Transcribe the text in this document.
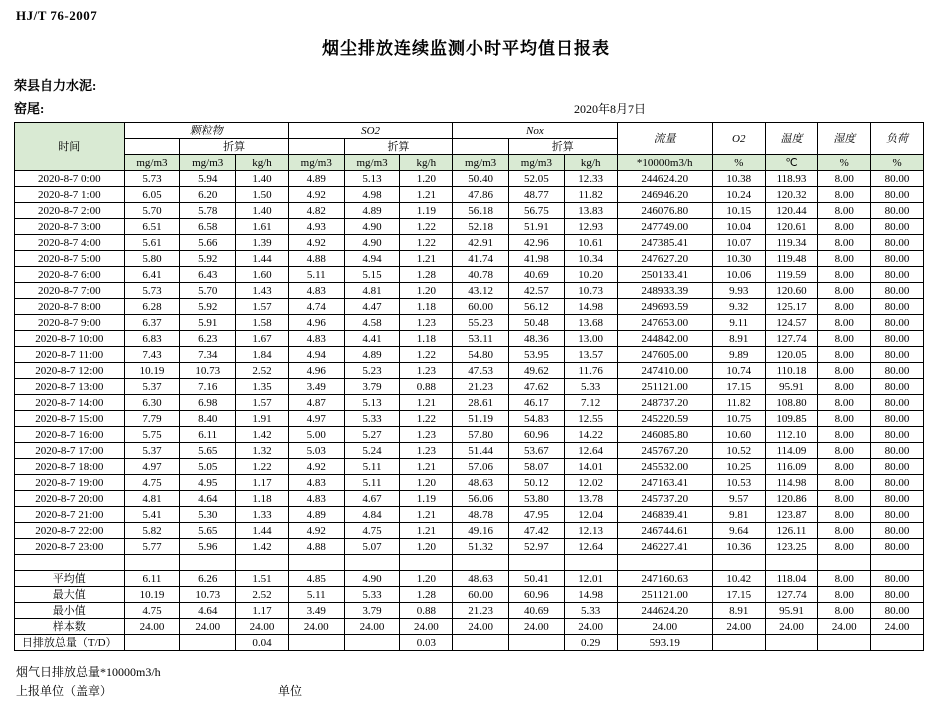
HJ/T 76-2007
烟尘排放连续监测小时平均值日报表
荣县自力水泥:
窑尾:	2020年8月7日
时间	颗粒物			SO2			Nox			流量	O2	温度	湿度	负荷
		折算			折算			折算						
	mg/m3	mg/m3	kg/h	mg/m3	mg/m3	kg/h	mg/m3	mg/m3	kg/h	*10000m3/h	%	℃	%	%
2020-8-7 0:00	5.73	5.94	1.40	4.89	5.13	1.20	50.40	52.05	12.33	244624.20	10.38	118.93	8.00	80.00
2020-8-7 1:00	6.05	6.20	1.50	4.92	4.98	1.21	47.86	48.77	11.82	246946.20	10.24	120.32	8.00	80.00
2020-8-7 2:00	5.70	5.78	1.40	4.82	4.89	1.19	56.18	56.75	13.83	246076.80	10.15	120.44	8.00	80.00
2020-8-7 3:00	6.51	6.58	1.61	4.93	4.90	1.22	52.18	51.91	12.93	247749.00	10.04	120.61	8.00	80.00
2020-8-7 4:00	5.61	5.66	1.39	4.92	4.90	1.22	42.91	42.96	10.61	247385.41	10.07	119.34	8.00	80.00
2020-8-7 5:00	5.80	5.92	1.44	4.88	4.94	1.21	41.74	41.98	10.34	247627.20	10.30	119.48	8.00	80.00
2020-8-7 6:00	6.41	6.43	1.60	5.11	5.15	1.28	40.78	40.69	10.20	250133.41	10.06	119.59	8.00	80.00
2020-8-7 7:00	5.73	5.70	1.43	4.83	4.81	1.20	43.12	42.57	10.73	248933.39	9.93	120.60	8.00	80.00
2020-8-7 8:00	6.28	5.92	1.57	4.74	4.47	1.18	60.00	56.12	14.98	249693.59	9.32	125.17	8.00	80.00
2020-8-7 9:00	6.37	5.91	1.58	4.96	4.58	1.23	55.23	50.48	13.68	247653.00	9.11	124.57	8.00	80.00
2020-8-7 10:00	6.83	6.23	1.67	4.83	4.41	1.18	53.11	48.36	13.00	244842.00	8.91	127.74	8.00	80.00
2020-8-7 11:00	7.43	7.34	1.84	4.94	4.89	1.22	54.80	53.95	13.57	247605.00	9.89	120.05	8.00	80.00
2020-8-7 12:00	10.19	10.73	2.52	4.96	5.23	1.23	47.53	49.62	11.76	247410.00	10.74	110.18	8.00	80.00
2020-8-7 13:00	5.37	7.16	1.35	3.49	3.79	0.88	21.23	47.62	5.33	251121.00	17.15	95.91	8.00	80.00
2020-8-7 14:00	6.30	6.98	1.57	4.87	5.13	1.21	28.61	46.17	7.12	248737.20	11.82	108.80	8.00	80.00
2020-8-7 15:00	7.79	8.40	1.91	4.97	5.33	1.22	51.19	54.83	12.55	245220.59	10.75	109.85	8.00	80.00
2020-8-7 16:00	5.75	6.11	1.42	5.00	5.27	1.23	57.80	60.96	14.22	246085.80	10.60	112.10	8.00	80.00
2020-8-7 17:00	5.37	5.65	1.32	5.03	5.24	1.23	51.44	53.67	12.64	245767.20	10.52	114.09	8.00	80.00
2020-8-7 18:00	4.97	5.05	1.22	4.92	5.11	1.21	57.06	58.07	14.01	245532.00	10.25	116.09	8.00	80.00
2020-8-7 19:00	4.75	4.95	1.17	4.83	5.11	1.20	48.63	50.12	12.02	247163.41	10.53	114.98	8.00	80.00
2020-8-7 20:00	4.81	4.64	1.18	4.83	4.67	1.19	56.06	53.80	13.78	245737.20	9.57	120.86	8.00	80.00
2020-8-7 21:00	5.41	5.30	1.33	4.89	4.84	1.21	48.78	47.95	12.04	246839.41	9.81	123.87	8.00	80.00
2020-8-7 22:00	5.82	5.65	1.44	4.92	4.75	1.21	49.16	47.42	12.13	246744.61	9.64	126.11	8.00	80.00
2020-8-7 23:00	5.77	5.96	1.42	4.88	5.07	1.20	51.32	52.97	12.64	246227.41	10.36	123.25	8.00	80.00

平均值	6.11	6.26	1.51	4.85	4.90	1.20	48.63	50.41	12.01	247160.63	10.42	118.04	8.00	80.00
最大值	10.19	10.73	2.52	5.11	5.33	1.28	60.00	60.96	14.98	251121.00	17.15	127.74	8.00	80.00
最小值	4.75	4.64	1.17	3.49	3.79	0.88	21.23	40.69	5.33	244624.20	8.91	95.91	8.00	80.00
样本数	24.00	24.00	24.00	24.00	24.00	24.00	24.00	24.00	24.00	24.00	24.00	24.00	24.00	24.00
日排放总量（T/D）			0.04			0.03			0.29	593.19				
烟气日排放总量*10000m3/h
上报单位（盖章）	单位
